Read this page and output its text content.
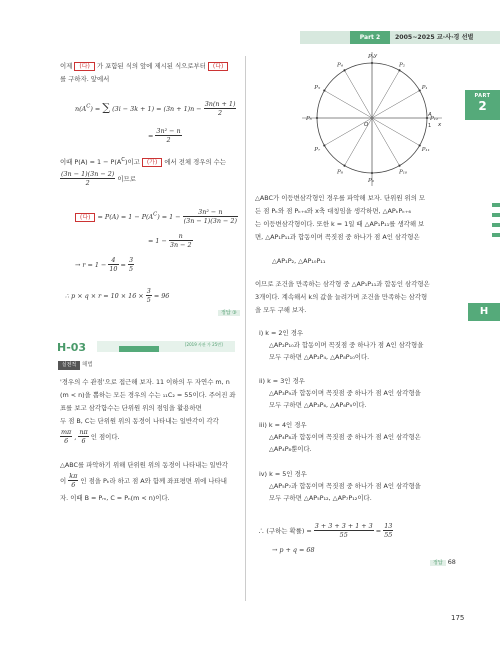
Part 2	2005~2025 교·사·경 선별
PART
2
H
이제 (다) 가 포함된 식의 앞에 제시된 식으로부터 (다)
를 구하자. 앞에서
$n(A^C)$ = ∑ $(3i - 3k + 1) = (3n + 1)n - \frac{3n(n + 1)}{2}$
= $\frac{\text{3n² − n}}{2}$
이때 $P(A) = 1 - P(A^C)$이고 (가) 에서 전체 경우의 수는
$\frac{(3n - 1)(3n - 2)}{2}$ 이므로
(다) = $P(A) = 1 - P(A^C) = 1 - \frac{\text{3n² − n}}{(3n - 1)(3n - 2)}$
= $1 - \frac{n}{3n - 2}$
→ $r = 1 - \frac{4}{10} = \frac{3}{5}$
∴ $p \times q \times r = 10 \times 16 \times \frac{3}{5} = 96$
정답 ③
H-03	[2019 사관 가 25번]
실전적	해법
'경우의 수 관점'으로 접근해 보자. 11 이하의 두 자연수 m, n
(m < n)을 뽑하는 모든 경우의 수는 ₁₁C₂ = 55이다. 주어진 좌
표를 보고 삼각함수는 단위원 위의 점임을 활용하면
두 점 B, C는 단위원 위의 동경이 나타내는 일반각이 각각
$\frac{m\pi}{6}$ , $\frac{n\pi}{6}$ 인 점이다.
△ABC를 파악하기 위해 단위원 위의 동경이 나타내는 일반각
이 $\frac{k\pi}{6}$ 인 점을 Pₖ라 하고 점 A와 함께 좌표평면 위에 나타내
자. 이때 B = Pₘ, C = Pₙ(m < n)이다.
P₁
P₂
P₃
P₄
P₅
P₆
P₇
P₈
P₉
P₁₀
P₁₁
P₁₂
y
x
O
A
1
△ABC가 이등변삼각형인 경우를 파악해 보자. 단위원 위의 모
든 점 Pₖ와 점 Pₖ₊₆와 x축 대칭임을 생각하면, △APₖPₖ₊₆
는 이등변삼각형이다. 또한 k = 1일 때 △AP₁P₁₁를 생각해 보
면, △AP₁P₁₁과 합동이며 꼭짓점 중 하나가 점 A인 삼각형은
△AP₁P₂, △AP₁₀P₁₁
이므로 조건을 만족하는 삼각형 중 △AP₁P₁₁과 합동인 삼각형은
3개이다. 계속해서 k의 값을 늘려가며 조건을 만족하는 삼각형
을 모두 구해 보자.
i) k = 2인 경우
△AP₂P₁₀과 합동이며 꼭짓점 중 하나가 점 A인 삼각형을
모두 구하면 △AP₂P₄, △AP₈P₁₀이다.
ii) k = 3인 경우
△AP₃P₉과 합동이며 꼭짓점 중 하나가 점 A인 삼각형을
모두 구하면 △AP₃P₆, △AP₆P₉이다.
iii) k = 4인 경우
△AP₄P₈과 합동이며 꼭짓점 중 하나가 점 A인 삼각형은
△AP₄P₈뿐이다.
iv) k = 5인 경우
△AP₅P₇과 합동이며 꼭짓점 중 하나가 점 A인 삼각형을
모두 구하면 △AP₅P₁₂, △AP₇P₁₂이다.
∴ (구하는 확률) = $\frac{3 + 3 + 3 + 1 + 3}{55} = \frac{13}{55}$
→ p + q = 68
정답 68
175
